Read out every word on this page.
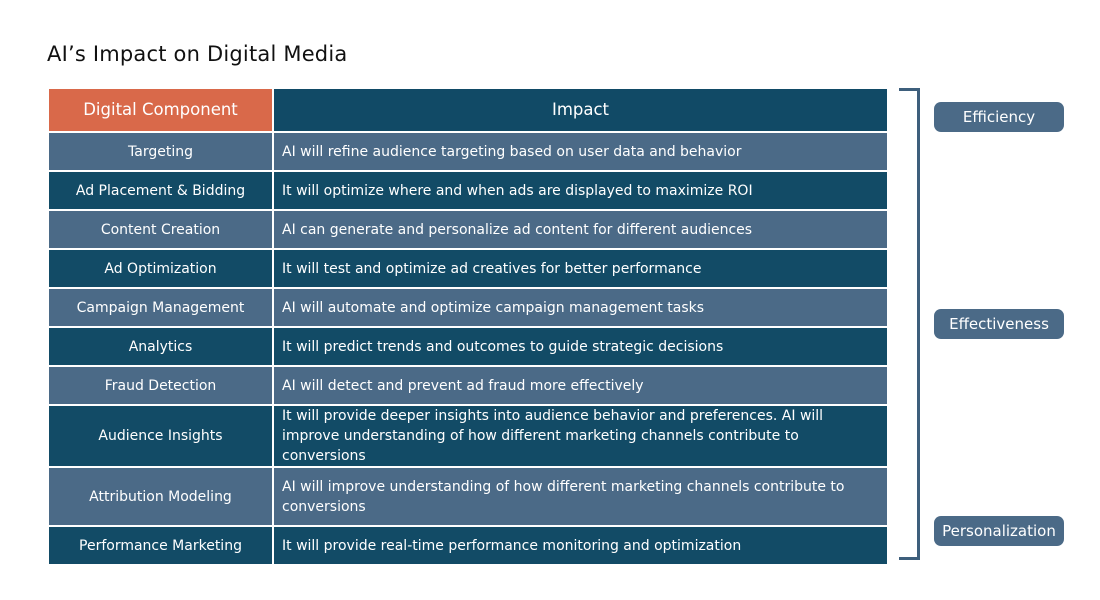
AI’s Impact on Digital Media
Digital Component	Impact
Targeting	AI will refine audience targeting based on user data and behavior
Ad Placement & Bidding	It will optimize where and when ads are displayed to maximize ROI
Content Creation	AI can generate and personalize ad content for different audiences
Ad Optimization	It will test and optimize ad creatives for better performance
Campaign Management	AI will automate and optimize campaign management tasks
Analytics	It will predict trends and outcomes to guide strategic decisions
Fraud Detection	AI will detect and prevent ad fraud more effectively
Audience Insights	It will provide deeper insights into audience behavior and preferences. AI will improve understanding of how different marketing channels contribute to conversions
Attribution Modeling	AI will improve understanding of how different marketing channels contribute to conversions
Performance Marketing	It will provide real-time performance monitoring and optimization
Efficiency
Effectiveness
Personalization
